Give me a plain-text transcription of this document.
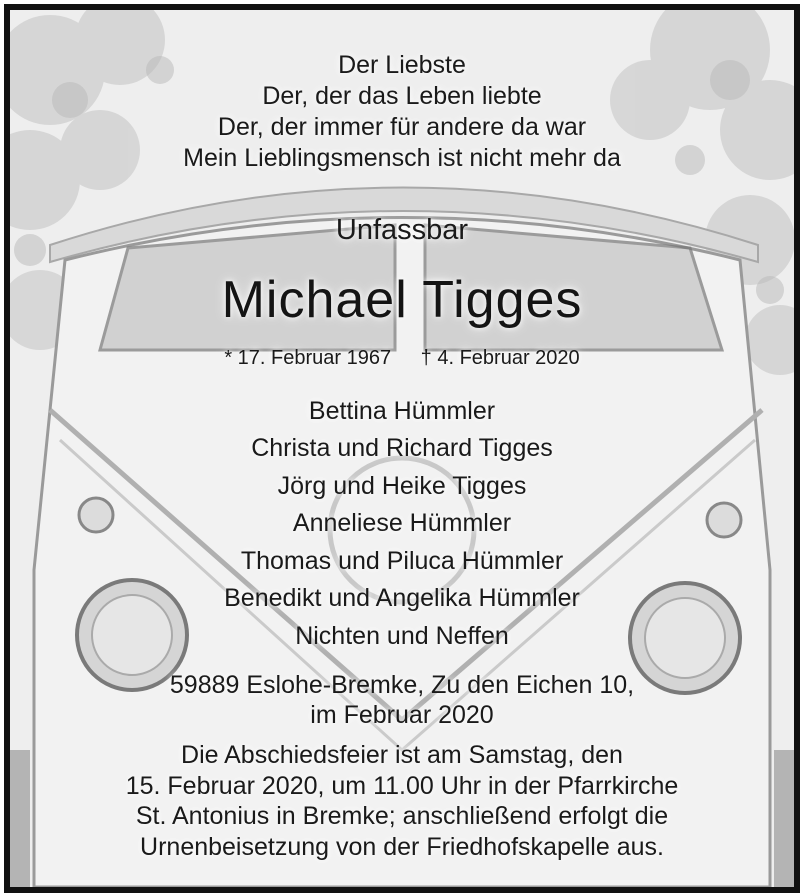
Der Liebste
Der, der das Leben liebte
Der, der immer für andere da war
Mein Lieblingsmensch ist nicht mehr da
Unfassbar
Michael Tigges
* 17. Februar 1967 † 4. Februar 2020
Bettina Hümmler
Christa und Richard Tigges
Jörg und Heike Tigges
Anneliese Hümmler
Thomas und Piluca Hümmler
Benedikt und Angelika Hümmler
Nichten und Neffen
59889 Eslohe-Bremke, Zu den Eichen 10,
im Februar 2020
Die Abschiedsfeier ist am Samstag, den
15. Februar 2020, um 11.00 Uhr in der Pfarrkirche
St. Antonius in Bremke; anschließend erfolgt die
Urnenbeisetzung von der Friedhofskapelle aus.
